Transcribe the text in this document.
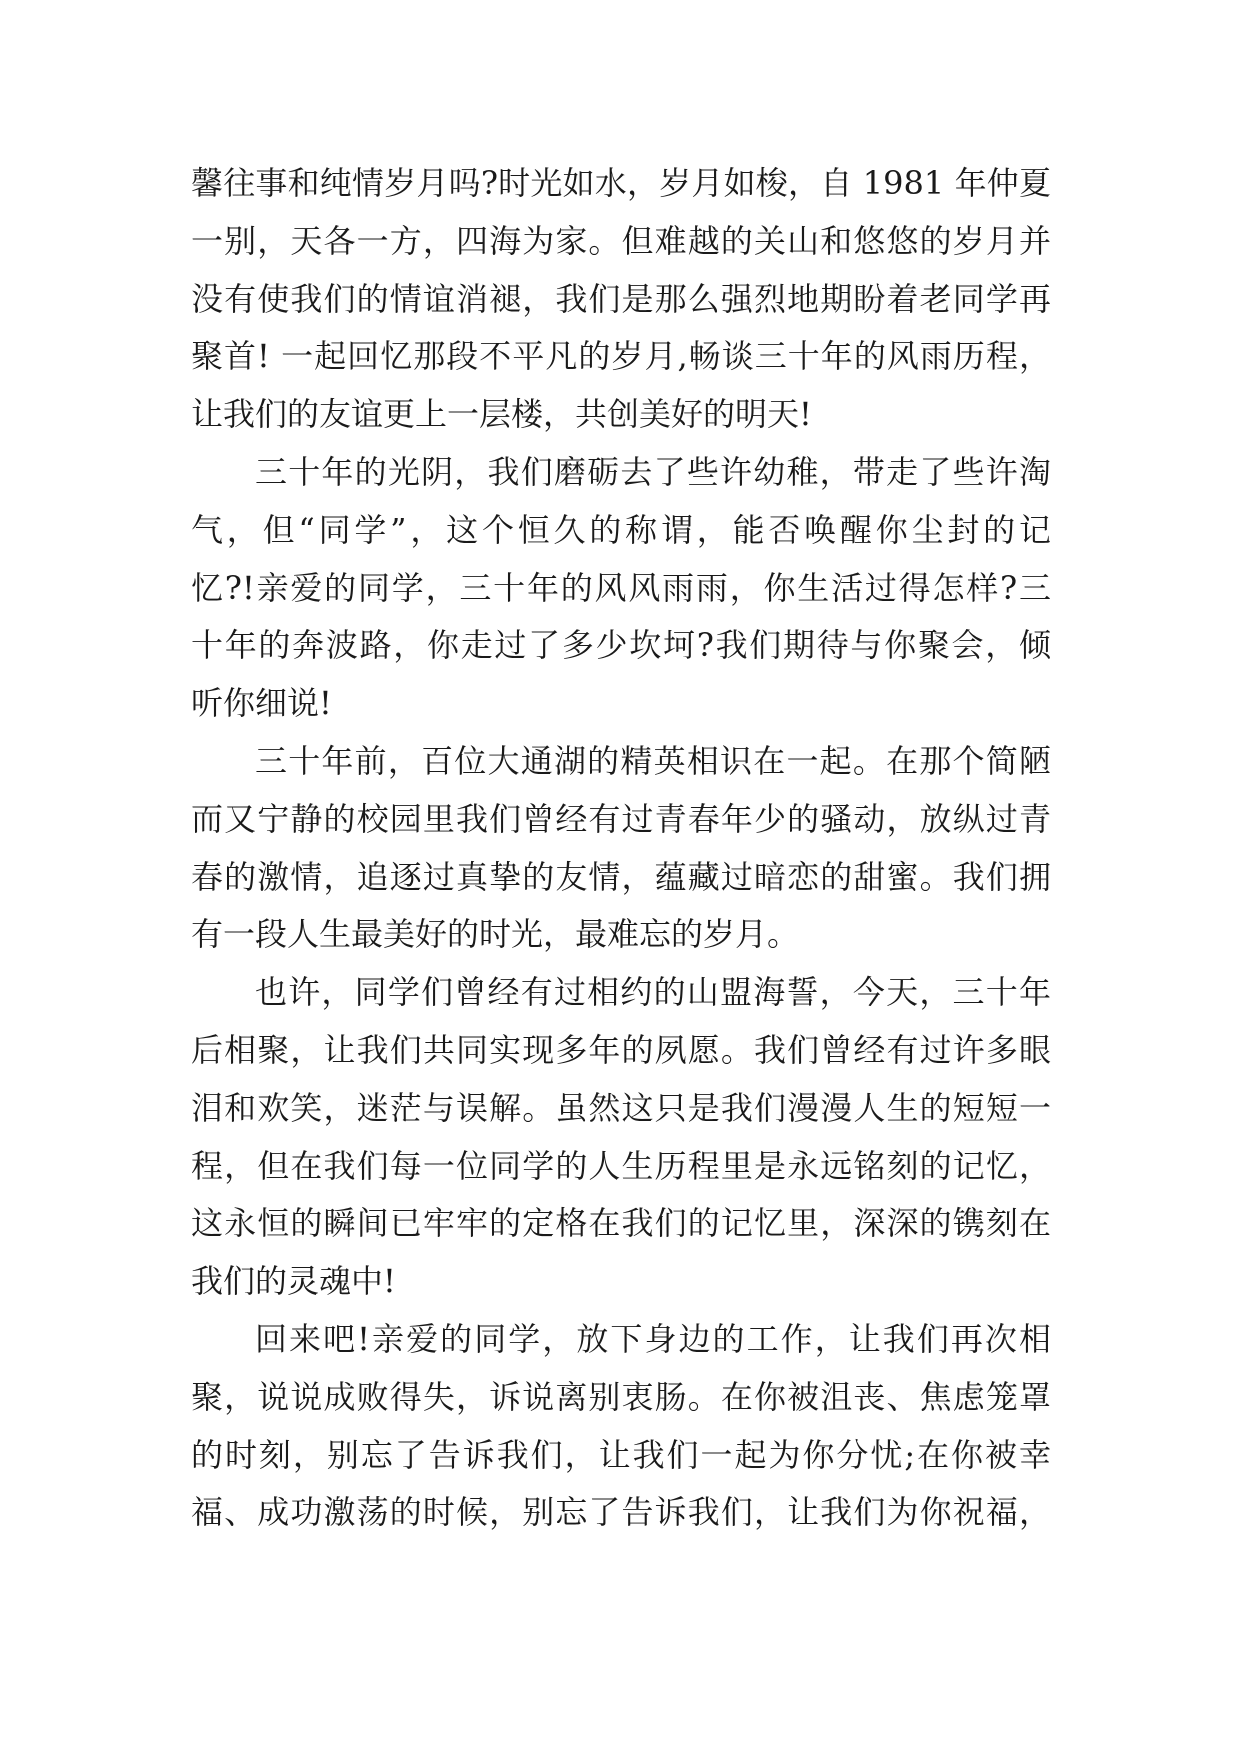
馨往事和纯情岁月吗?时光如水，岁月如梭，自 1981 年仲夏
一别，天各一方，四海为家。但难越的关山和悠悠的岁月并
没有使我们的情谊消褪，我们是那么强烈地期盼着老同学再
聚首! 一起回忆那段不平凡的岁月,畅谈三十年的风雨历程，
让我们的友谊更上一层楼，共创美好的明天!
三十年的光阴，我们磨砺去了些许幼稚，带走了些许淘
气，但“同学”，这个恒久的称谓，能否唤醒你尘封的记
忆?!亲爱的同学，三十年的风风雨雨，你生活过得怎样?三
十年的奔波路，你走过了多少坎坷?我们期待与你聚会，倾
听你细说!
三十年前，百位大通湖的精英相识在一起。在那个简陋
而又宁静的校园里我们曾经有过青春年少的骚动，放纵过青
春的激情，追逐过真挚的友情，蕴藏过暗恋的甜蜜。我们拥
有一段人生最美好的时光，最难忘的岁月。
也许，同学们曾经有过相约的山盟海誓，今天，三十年
后相聚，让我们共同实现多年的夙愿。我们曾经有过许多眼
泪和欢笑，迷茫与误解。虽然这只是我们漫漫人生的短短一
程，但在我们每一位同学的人生历程里是永远铭刻的记忆，
这永恒的瞬间已牢牢的定格在我们的记忆里，深深的镌刻在
我们的灵魂中!
回来吧!亲爱的同学，放下身边的工作，让我们再次相
聚，说说成败得失，诉说离别衷肠。在你被沮丧、焦虑笼罩
的时刻，别忘了告诉我们，让我们一起为你分忧;在你被幸
福、成功激荡的时候，别忘了告诉我们，让我们为你祝福，
